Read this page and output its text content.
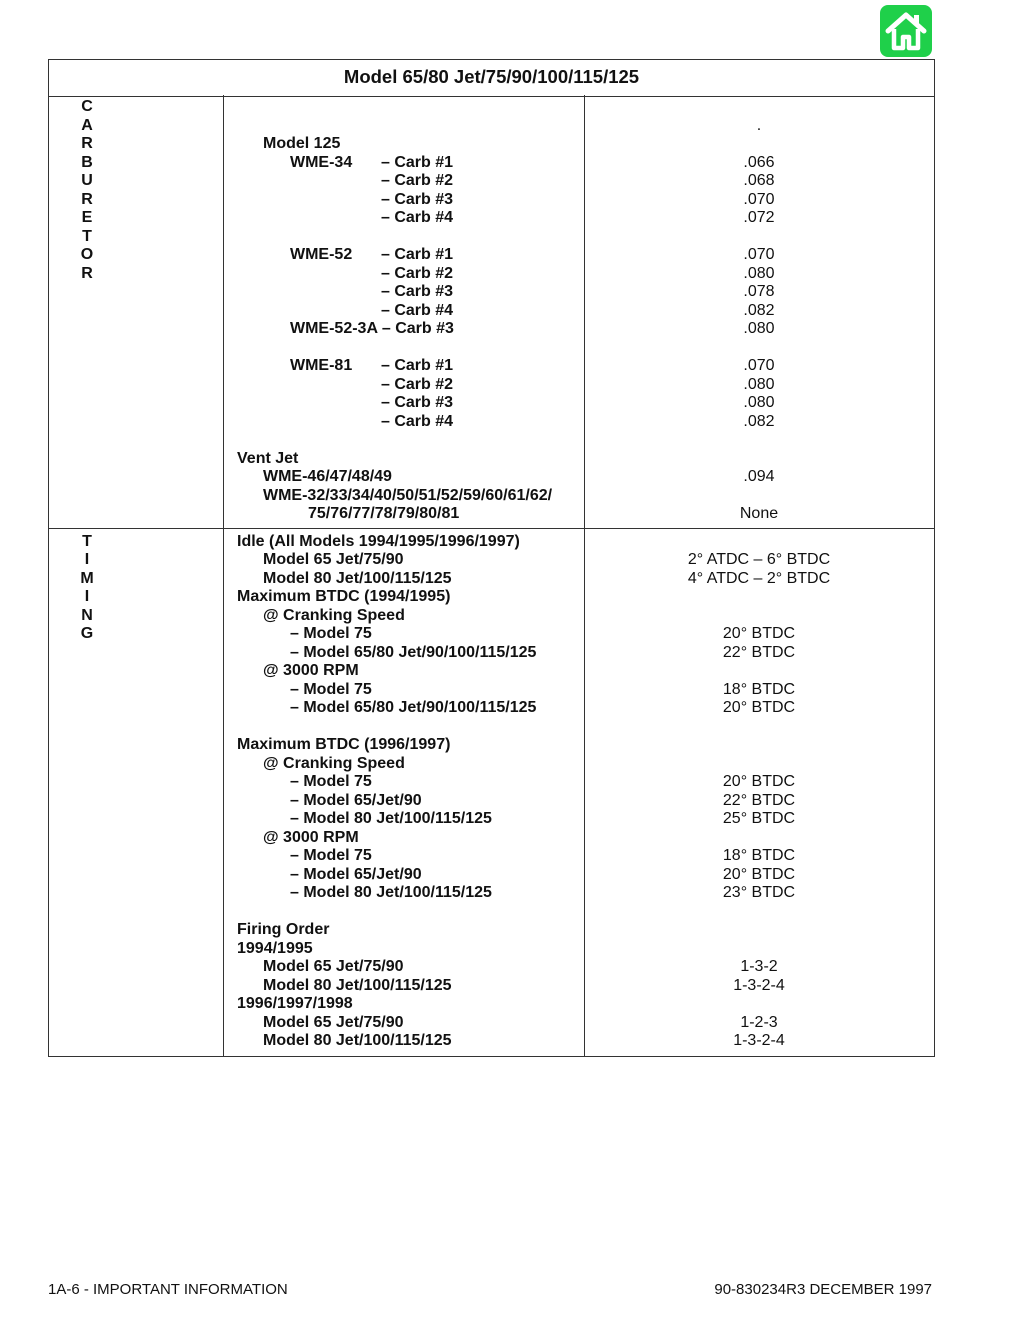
Model 65/80 Jet/75/90/100/115/125
C
A
R
B
U
R
E
T
O
R
Model 125
WME-34 – Carb #1
– Carb #2
– Carb #3
– Carb #4
WME-52 – Carb #1
– Carb #2
– Carb #3
– Carb #4
WME-52-3A – Carb #3
WME-81 – Carb #1
– Carb #2
– Carb #3
– Carb #4
Vent Jet
WME-46/47/48/49
WME-32/33/34/40/50/51/52/59/60/61/62/
75/76/77/78/79/80/81
.
.066
.068
.070
.072
.070
.080
.078
.082
.080
.070
.080
.080
.082
.094
None
T
I
M
I
N
G
Idle (All Models 1994/1995/1996/1997)
Model 65 Jet/75/90
Model 80 Jet/100/115/125
Maximum BTDC (1994/1995)
@ Cranking Speed
– Model 75
– Model 65/80 Jet/90/100/115/125
@ 3000 RPM
– Model 75
– Model 65/80 Jet/90/100/115/125
Maximum BTDC (1996/1997)
@ Cranking Speed
– Model 75
– Model 65/Jet/90
– Model 80 Jet/100/115/125
@ 3000 RPM
– Model 75
– Model 65/Jet/90
– Model 80 Jet/100/115/125
Firing Order
1994/1995
Model 65 Jet/75/90
Model 80 Jet/100/115/125
1996/1997/1998
Model 65 Jet/75/90
Model 80 Jet/100/115/125
2° ATDC – 6° BTDC
4° ATDC – 2° BTDC
20° BTDC
22° BTDC
18° BTDC
20° BTDC
20° BTDC
22° BTDC
25° BTDC
18° BTDC
20° BTDC
23° BTDC
1-3-2
1-3-2-4
1-2-3
1-3-2-4
1A-6 - IMPORTANT INFORMATION	90-830234R3 DECEMBER 1997
